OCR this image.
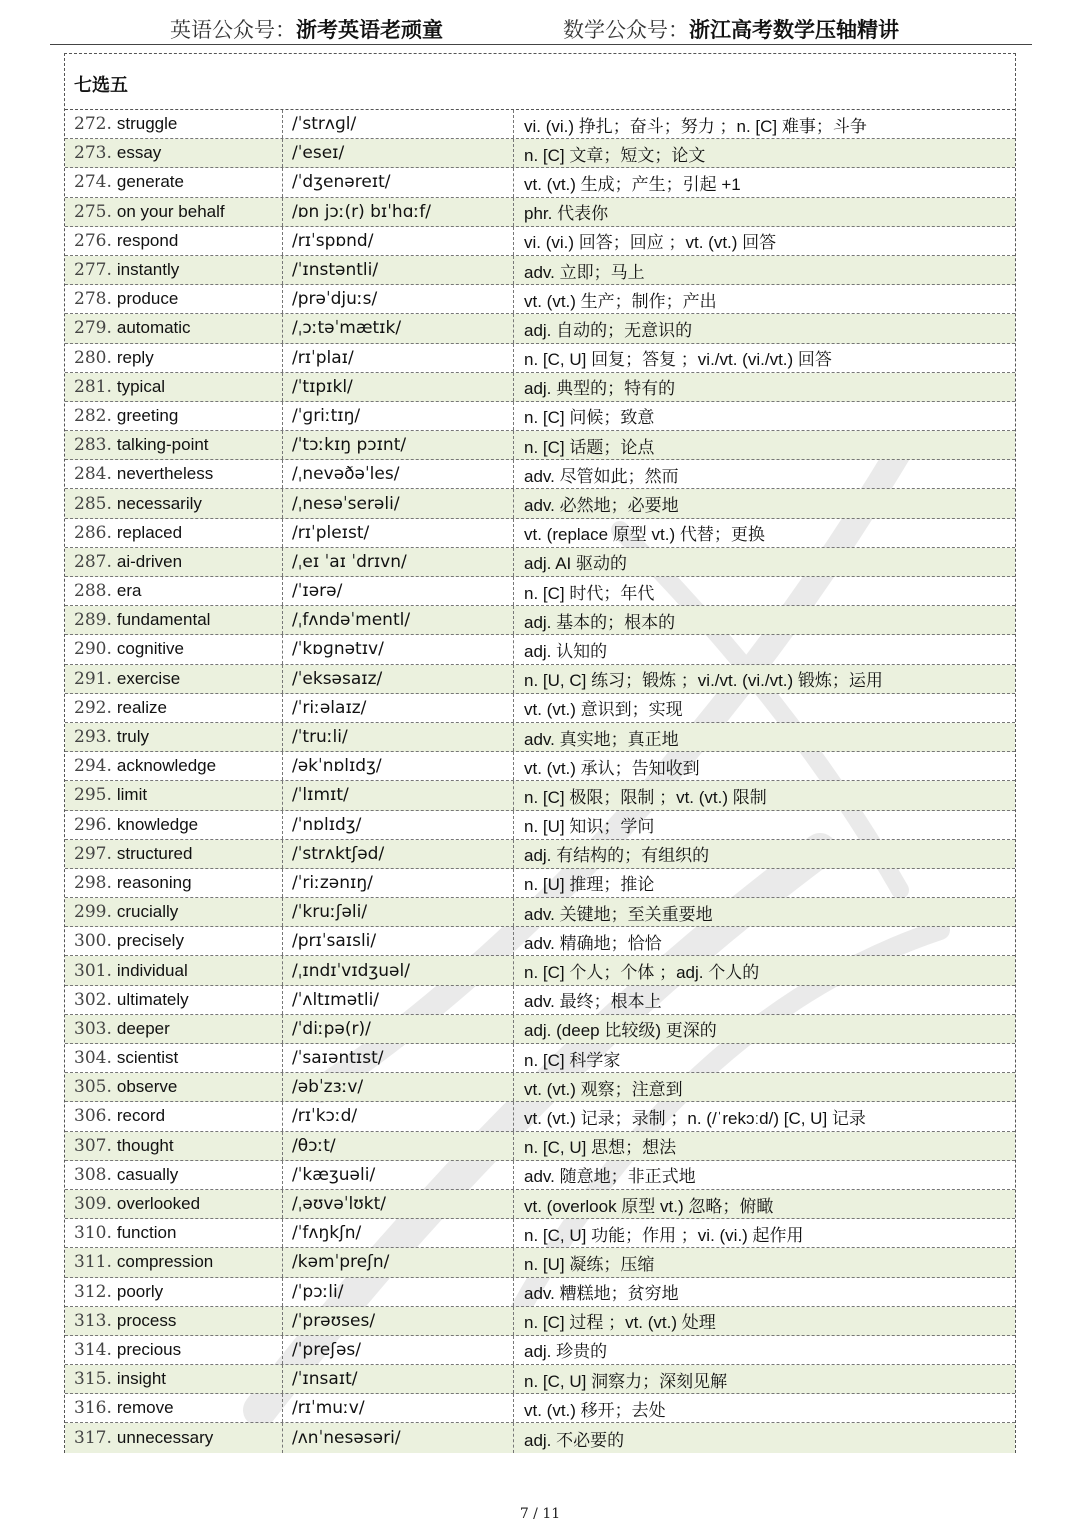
英语公众号：浙考英语老顽童	数学公众号：浙江高考数学压轴精讲
七选五
272. struggle	/ˈstrʌɡl/	vi. (vi.) 挣扎；奋斗；努力 ；n. [C] 难事；斗争
273. essay	/ˈeseɪ/	n. [C] 文章；短文；论文
274. generate	/ˈdʒenəreɪt/	vt. (vt.) 生成；产生；引起 +1
275. on your behalf	/ɒn jɔː(r) bɪˈhɑːf/	phr. 代表你
276. respond	/rɪˈspɒnd/	vi. (vi.) 回答；回应 ；vt. (vt.) 回答
277. instantly	/ˈɪnstəntli/	adv. 立即；马上
278. produce	/prəˈdjuːs/	vt. (vt.) 生产；制作；产出
279. automatic	/ˌɔːtəˈmætɪk/	adj. 自动的；无意识的
280. reply	/rɪˈplaɪ/	n. [C, U] 回复；答复 ；vi./vt. (vi./vt.) 回答
281. typical	/ˈtɪpɪkl/	adj. 典型的；特有的
282. greeting	/ˈɡriːtɪŋ/	n. [C] 问候；致意
283. talking-point	/ˈtɔːkɪŋ pɔɪnt/	n. [C] 话题；论点
284. nevertheless	/ˌnevəðəˈles/	adv. 尽管如此；然而
285. necessarily	/ˌnesəˈserəli/	adv. 必然地；必要地
286. replaced	/rɪˈpleɪst/	vt. (replace 原型 vt.) 代替；更换
287. ai-driven	/ˌeɪ ˈaɪ ˈdrɪvn/	adj. AI 驱动的
288. era	/ˈɪərə/	n. [C] 时代；年代
289. fundamental	/ˌfʌndəˈmentl/	adj. 基本的；根本的
290. cognitive	/ˈkɒɡnətɪv/	adj. 认知的
291. exercise	/ˈeksəsaɪz/	n. [U, C] 练习；锻炼 ；vi./vt. (vi./vt.) 锻炼；运用
292. realize	/ˈriːəlaɪz/	vt. (vt.) 意识到；实现
293. truly	/ˈtruːli/	adv. 真实地；真正地
294. acknowledge	/əkˈnɒlɪdʒ/	vt. (vt.) 承认；告知收到
295. limit	/ˈlɪmɪt/	n. [C] 极限；限制 ；vt. (vt.) 限制
296. knowledge	/ˈnɒlɪdʒ/	n. [U] 知识；学问
297. structured	/ˈstrʌktʃəd/	adj. 有结构的；有组织的
298. reasoning	/ˈriːzənɪŋ/	n. [U] 推理；推论
299. crucially	/ˈkruːʃəli/	adv. 关键地；至关重要地
300. precisely	/prɪˈsaɪsli/	adv. 精确地；恰恰
301. individual	/ˌɪndɪˈvɪdʒuəl/	n. [C] 个人；个体 ；adj. 个人的
302. ultimately	/ˈʌltɪmətli/	adv. 最终；根本上
303. deeper	/ˈdiːpə(r)/	adj. (deep 比较级) 更深的
304. scientist	/ˈsaɪəntɪst/	n. [C] 科学家
305. observe	/əbˈzɜːv/	vt. (vt.) 观察；注意到
306. record	/rɪˈkɔːd/	vt. (vt.) 记录；录制 ；n. (/ˈrekɔːd/) [C, U] 记录
307. thought	/θɔːt/	n. [C, U] 思想；想法
308. casually	/ˈkæʒuəli/	adv. 随意地；非正式地
309. overlooked	/ˌəʊvəˈlʊkt/	vt. (overlook 原型 vt.) 忽略；俯瞰
310. function	/ˈfʌŋkʃn/	n. [C, U] 功能；作用 ；vi. (vi.) 起作用
311. compression	/kəmˈpreʃn/	n. [U] 凝练；压缩
312. poorly	/ˈpɔːli/	adv. 糟糕地；贫穷地
313. process	/ˈprəʊses/	n. [C] 过程 ；vt. (vt.) 处理
314. precious	/ˈpreʃəs/	adj. 珍贵的
315. insight	/ˈɪnsaɪt/	n. [C, U] 洞察力；深刻见解
316. remove	/rɪˈmuːv/	vt. (vt.) 移开；去处
317. unnecessary	/ʌnˈnesəsəri/	adj. 不必要的
7 / 11
